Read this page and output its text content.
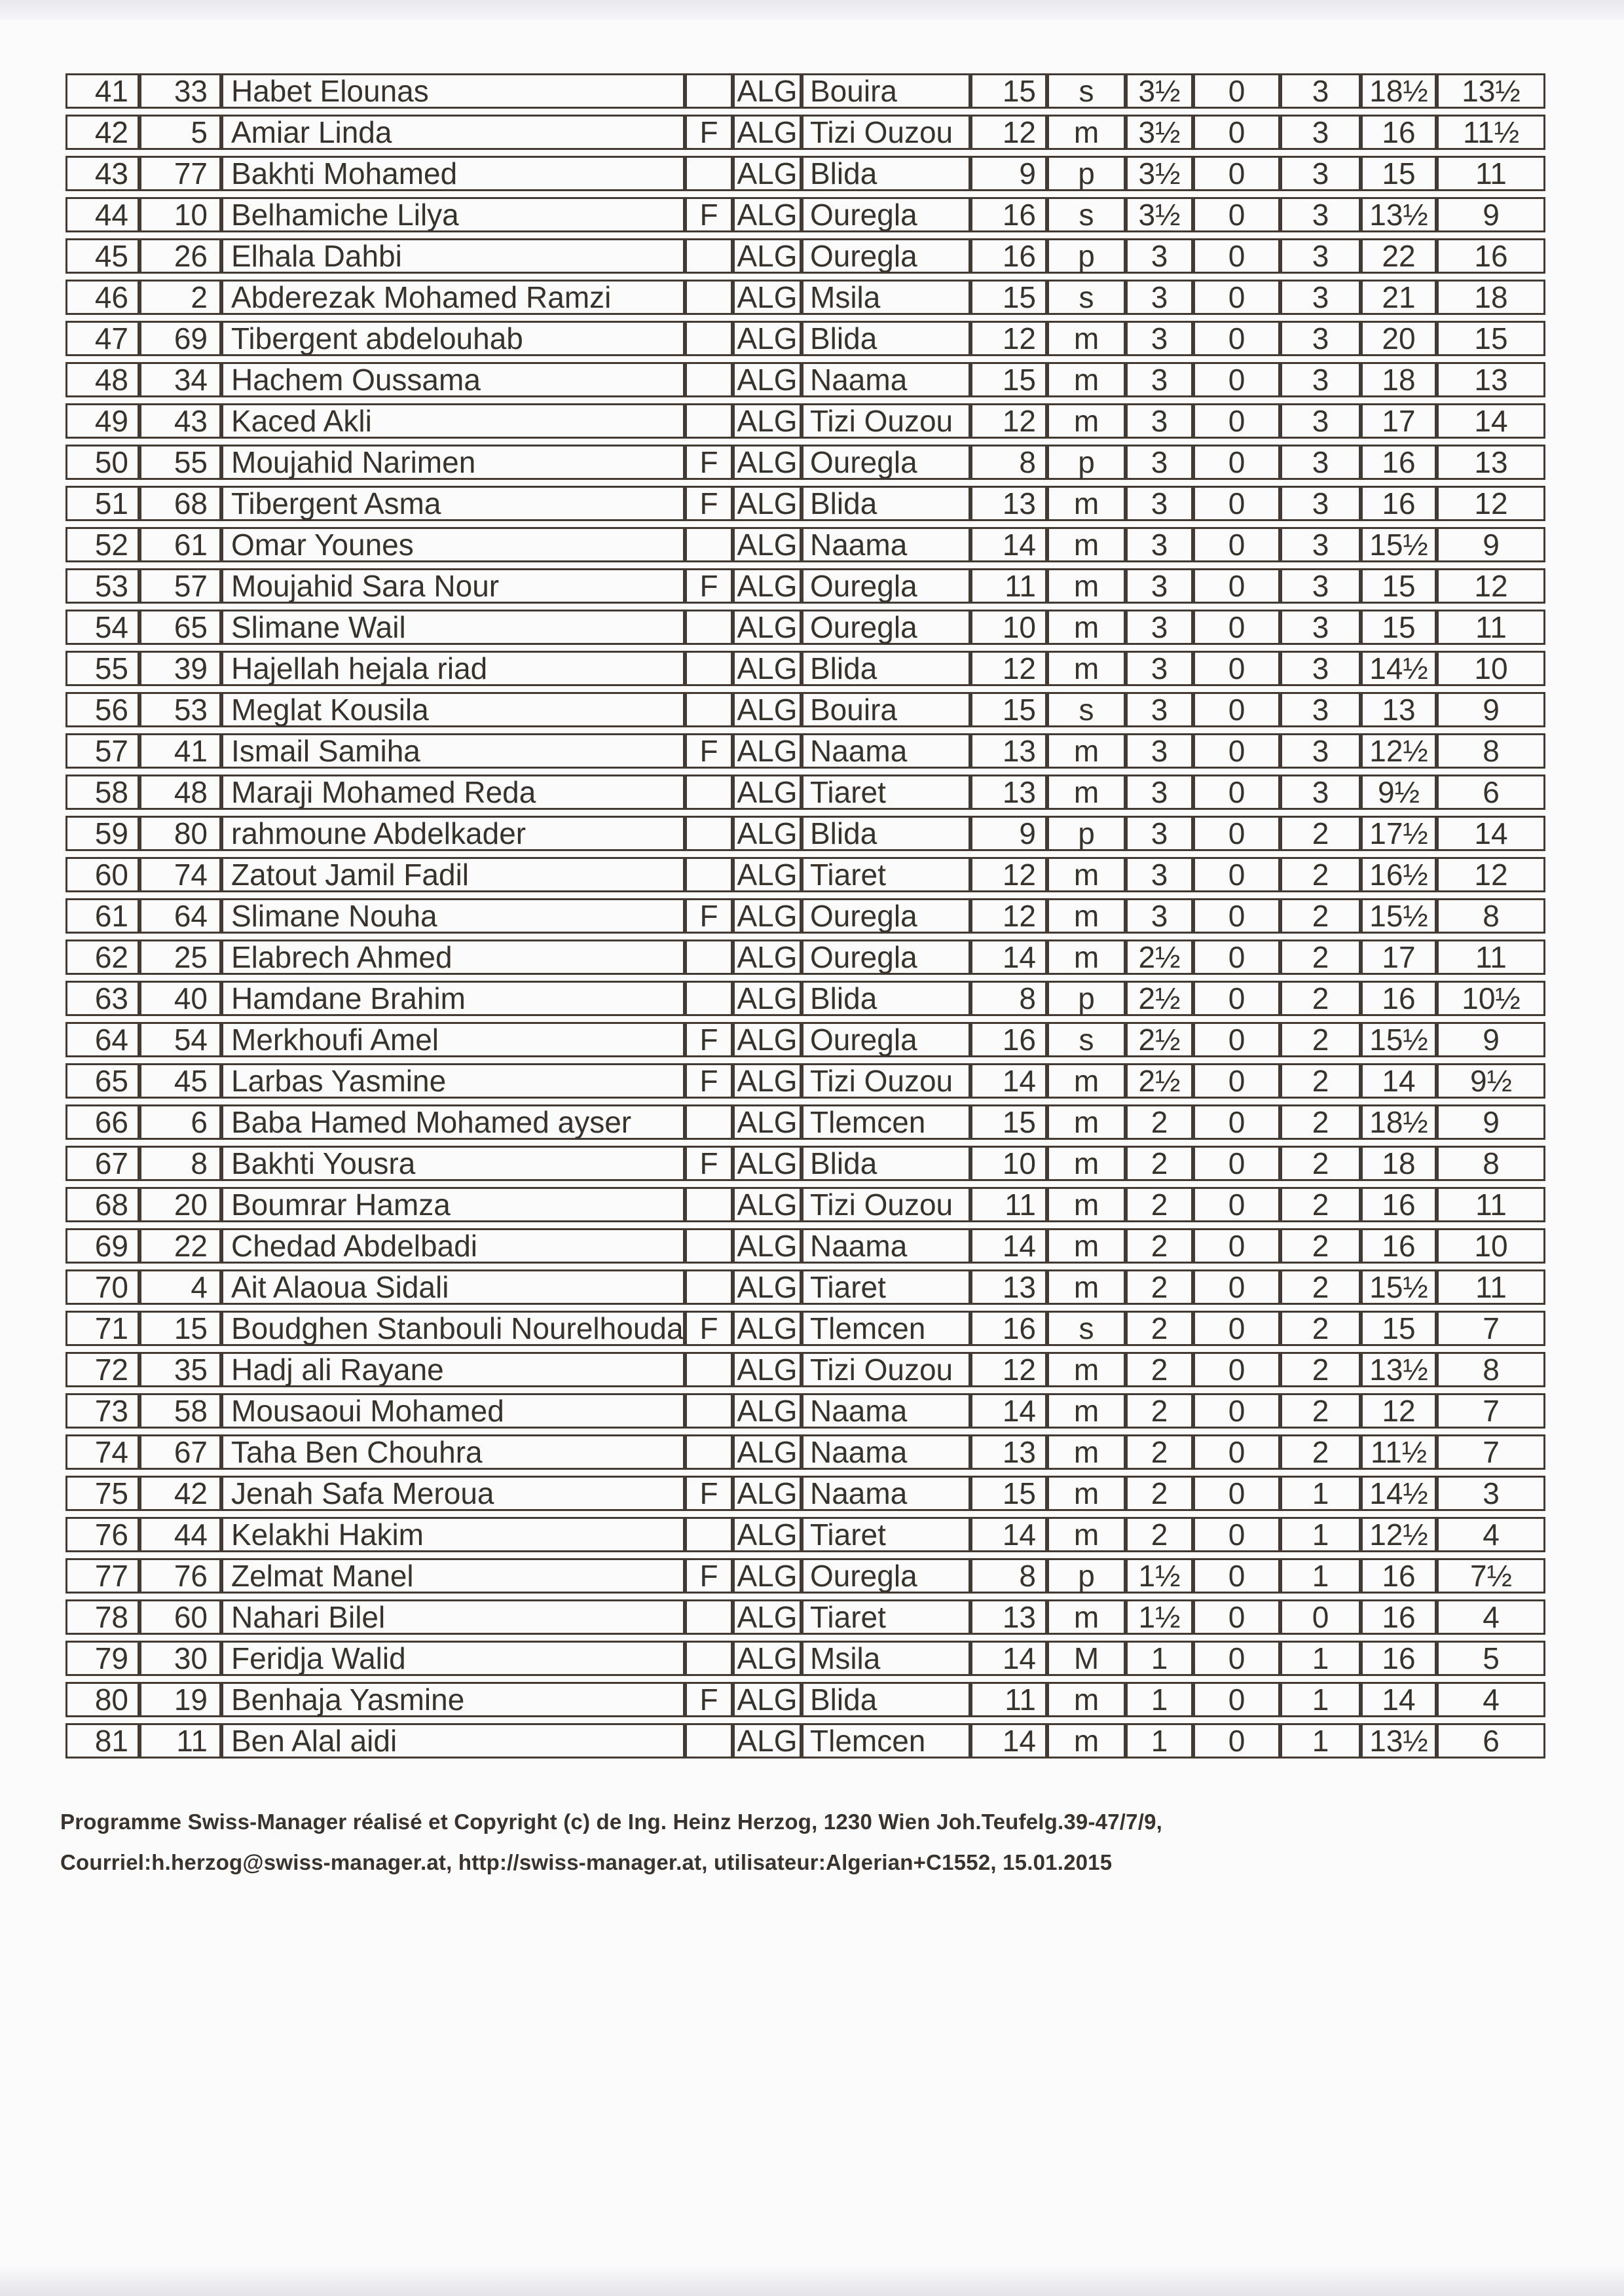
41	33	Habet Elounas		ALG	Bouira	15	s	3½	0	3	18½	13½
42	5	Amiar Linda	F	ALG	Tizi Ouzou	12	m	3½	0	3	16	11½
43	77	Bakhti Mohamed		ALG	Blida	9	p	3½	0	3	15	11
44	10	Belhamiche Lilya	F	ALG	Ouregla	16	s	3½	0	3	13½	9
45	26	Elhala Dahbi		ALG	Ouregla	16	p	3	0	3	22	16
46	2	Abderezak Mohamed Ramzi		ALG	Msila	15	s	3	0	3	21	18
47	69	Tibergent abdelouhab		ALG	Blida	12	m	3	0	3	20	15
48	34	Hachem Oussama		ALG	Naama	15	m	3	0	3	18	13
49	43	Kaced Akli		ALG	Tizi Ouzou	12	m	3	0	3	17	14
50	55	Moujahid Narimen	F	ALG	Ouregla	8	p	3	0	3	16	13
51	68	Tibergent Asma	F	ALG	Blida	13	m	3	0	3	16	12
52	61	Omar Younes		ALG	Naama	14	m	3	0	3	15½	9
53	57	Moujahid Sara Nour	F	ALG	Ouregla	11	m	3	0	3	15	12
54	65	Slimane Wail		ALG	Ouregla	10	m	3	0	3	15	11
55	39	Hajellah hejala riad		ALG	Blida	12	m	3	0	3	14½	10
56	53	Meglat Kousila		ALG	Bouira	15	s	3	0	3	13	9
57	41	Ismail Samiha	F	ALG	Naama	13	m	3	0	3	12½	8
58	48	Maraji Mohamed Reda		ALG	Tiaret	13	m	3	0	3	9½	6
59	80	rahmoune Abdelkader		ALG	Blida	9	p	3	0	2	17½	14
60	74	Zatout Jamil Fadil		ALG	Tiaret	12	m	3	0	2	16½	12
61	64	Slimane Nouha	F	ALG	Ouregla	12	m	3	0	2	15½	8
62	25	Elabrech Ahmed		ALG	Ouregla	14	m	2½	0	2	17	11
63	40	Hamdane Brahim		ALG	Blida	8	p	2½	0	2	16	10½
64	54	Merkhoufi Amel	F	ALG	Ouregla	16	s	2½	0	2	15½	9
65	45	Larbas Yasmine	F	ALG	Tizi Ouzou	14	m	2½	0	2	14	9½
66	6	Baba Hamed Mohamed ayser		ALG	Tlemcen	15	m	2	0	2	18½	9
67	8	Bakhti Yousra	F	ALG	Blida	10	m	2	0	2	18	8
68	20	Boumrar Hamza		ALG	Tizi Ouzou	11	m	2	0	2	16	11
69	22	Chedad Abdelbadi		ALG	Naama	14	m	2	0	2	16	10
70	4	Ait Alaoua Sidali		ALG	Tiaret	13	m	2	0	2	15½	11
71	15	Boudghen Stanbouli Nourelhouda	F	ALG	Tlemcen	16	s	2	0	2	15	7
72	35	Hadj ali Rayane		ALG	Tizi Ouzou	12	m	2	0	2	13½	8
73	58	Mousaoui Mohamed		ALG	Naama	14	m	2	0	2	12	7
74	67	Taha Ben Chouhra		ALG	Naama	13	m	2	0	2	11½	7
75	42	Jenah Safa Meroua	F	ALG	Naama	15	m	2	0	1	14½	3
76	44	Kelakhi Hakim		ALG	Tiaret	14	m	2	0	1	12½	4
77	76	Zelmat Manel	F	ALG	Ouregla	8	p	1½	0	1	16	7½
78	60	Nahari Bilel		ALG	Tiaret	13	m	1½	0	0	16	4
79	30	Feridja Walid		ALG	Msila	14	M	1	0	1	16	5
80	19	Benhaja Yasmine	F	ALG	Blida	11	m	1	0	1	14	4
81	11	Ben Alal aidi		ALG	Tlemcen	14	m	1	0	1	13½	6
Programme Swiss-Manager réalisé et Copyright (c) de Ing. Heinz Herzog, 1230 Wien Joh.Teufelg.39-47/7/9,
Courriel:h.herzog@swiss-manager.at, http://swiss-manager.at, utilisateur:Algerian+C1552, 15.01.2015
